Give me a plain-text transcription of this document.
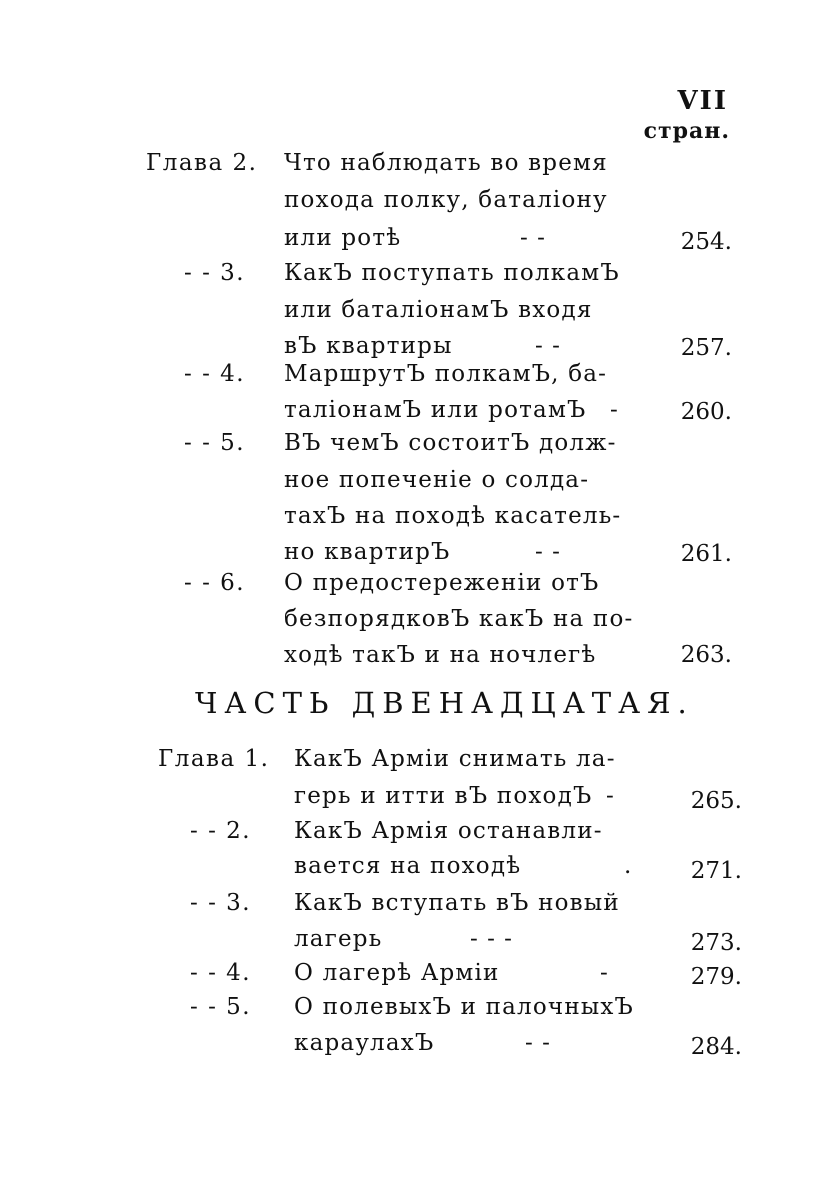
VII
стран.
Глава 2. Что наблюдать во время
похода полку, баталіону
или ротѣ	- -	254.
- - 3. КакЪ поступать полкамЪ
или баталіонамЪ входя
вЪ квартиры	- -	257.
- - 4. МаршрутЪ полкамЪ, ба-
таліонамЪ или ротамЪ -	260.
- - 5. ВЪ чемЪ состоитЪ долж-
ное попеченіе о солда-
тахЪ на походѣ касатель-
но квартирЪ	- -	261.
- - 6. О предостереженіи отЪ
безпорядковЪ какЪ на по-
ходѣ такЪ и на ночлегѣ	263.
ЧАСТЬ ДВЕНАДЦАТАЯ.
Глава 1. КакЪ Арміи снимать ла-
герь и итти вЪ походЪ -	265.
- - 2. КакЪ Армія останавли-
вается на походѣ	.	271.
- - 3. КакЪ вступать вЪ новый
лагерь	- - -	273.
- - 4. О лагерѣ Арміи	-	279.
- - 5. О полевыхЪ и палочныхЪ
караулахЪ	- -	284.
